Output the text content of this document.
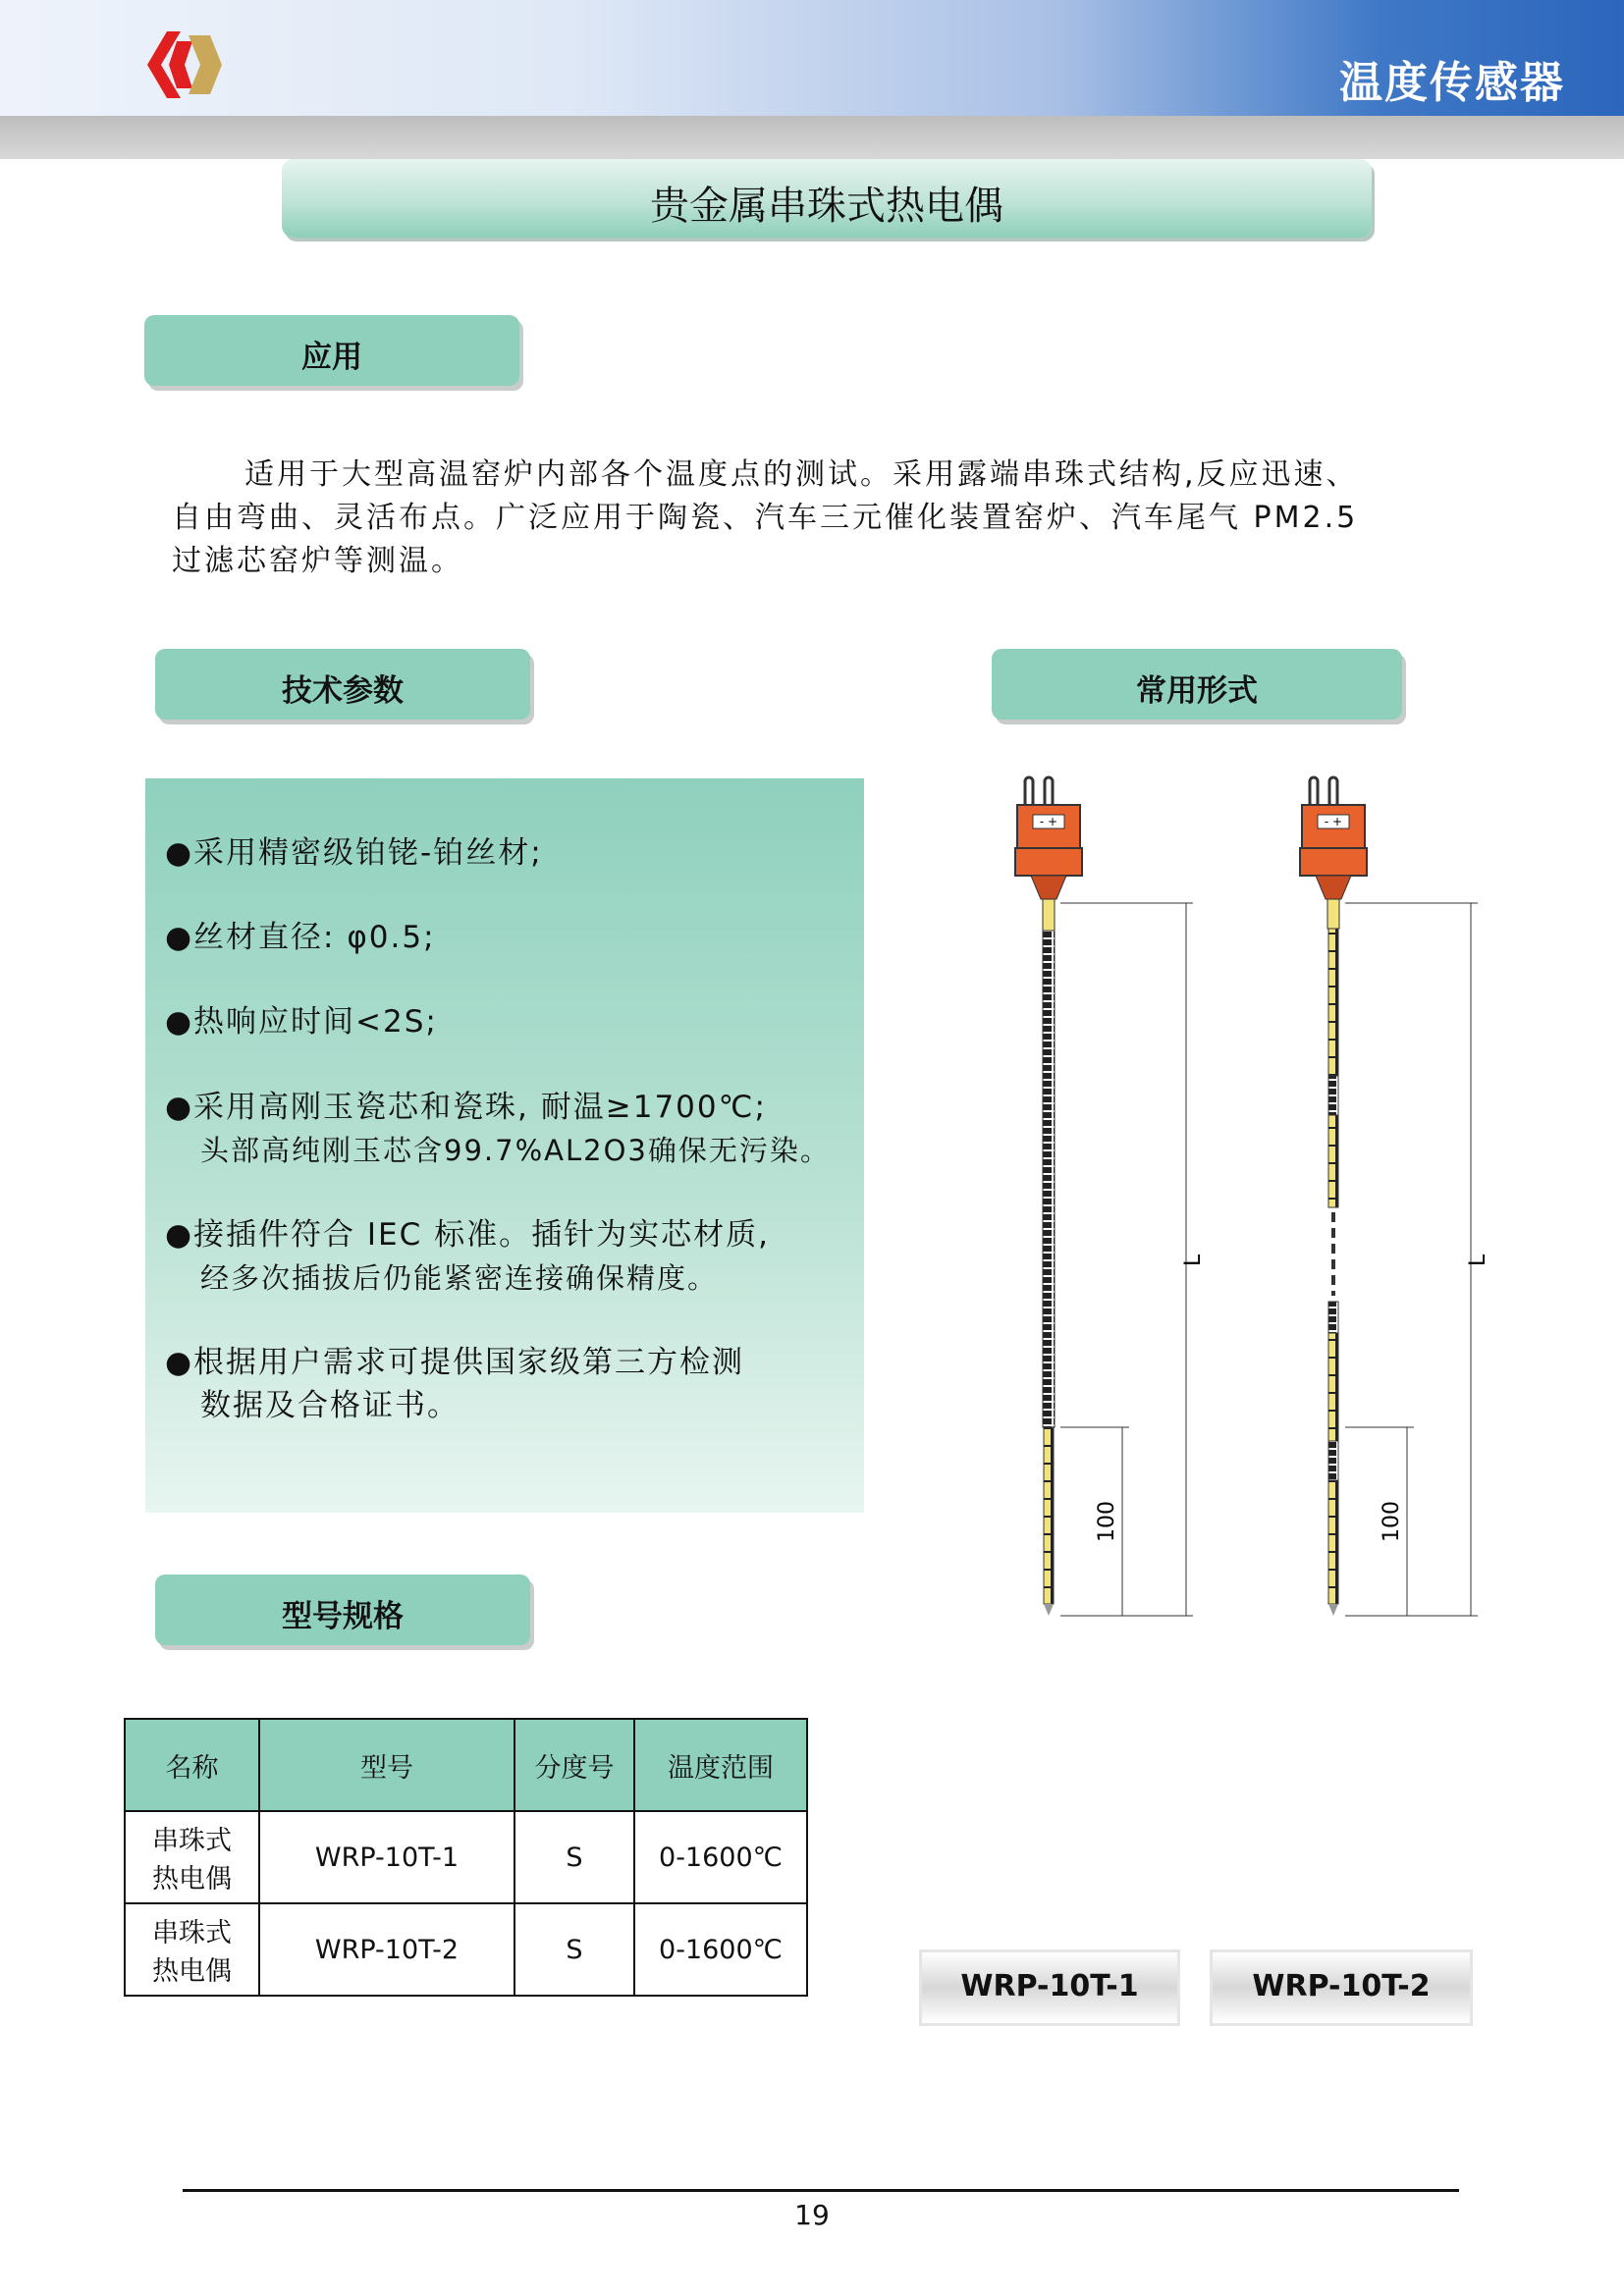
温度传感器
贵金属串珠式热电偶
应用
适用于大型高温窑炉内部各个温度点的测试。采用露端串珠式结构,反应迅速、
自由弯曲、灵活布点。广泛应用于陶瓷、汽车三元催化装置窑炉、汽车尾气 PM2.5
过滤芯窑炉等测温。
技术参数	常用形式
●采用精密级铂铑-铂丝材;
●丝材直径: φ0.5;
●热响应时间<2S;
●采用高刚玉瓷芯和瓷珠, 耐温≥1700℃;
头部高纯刚玉芯含99.7%AL2O3确保无污染。
●接插件符合 IEC 标准。插针为实芯材质,
经多次插拔后仍能紧密连接确保精度。
●根据用户需求可提供国家级第三方检测
数据及合格证书。
型号规格
名称	型号	分度号	温度范围

串珠式
热电偶	WRP-10T-1	S	0-1600℃

串珠式
热电偶	WRP-10T-2	S	0-1600℃
- +
L
100
- +
L
100
WRP-10T-1	WRP-10T-2
19
